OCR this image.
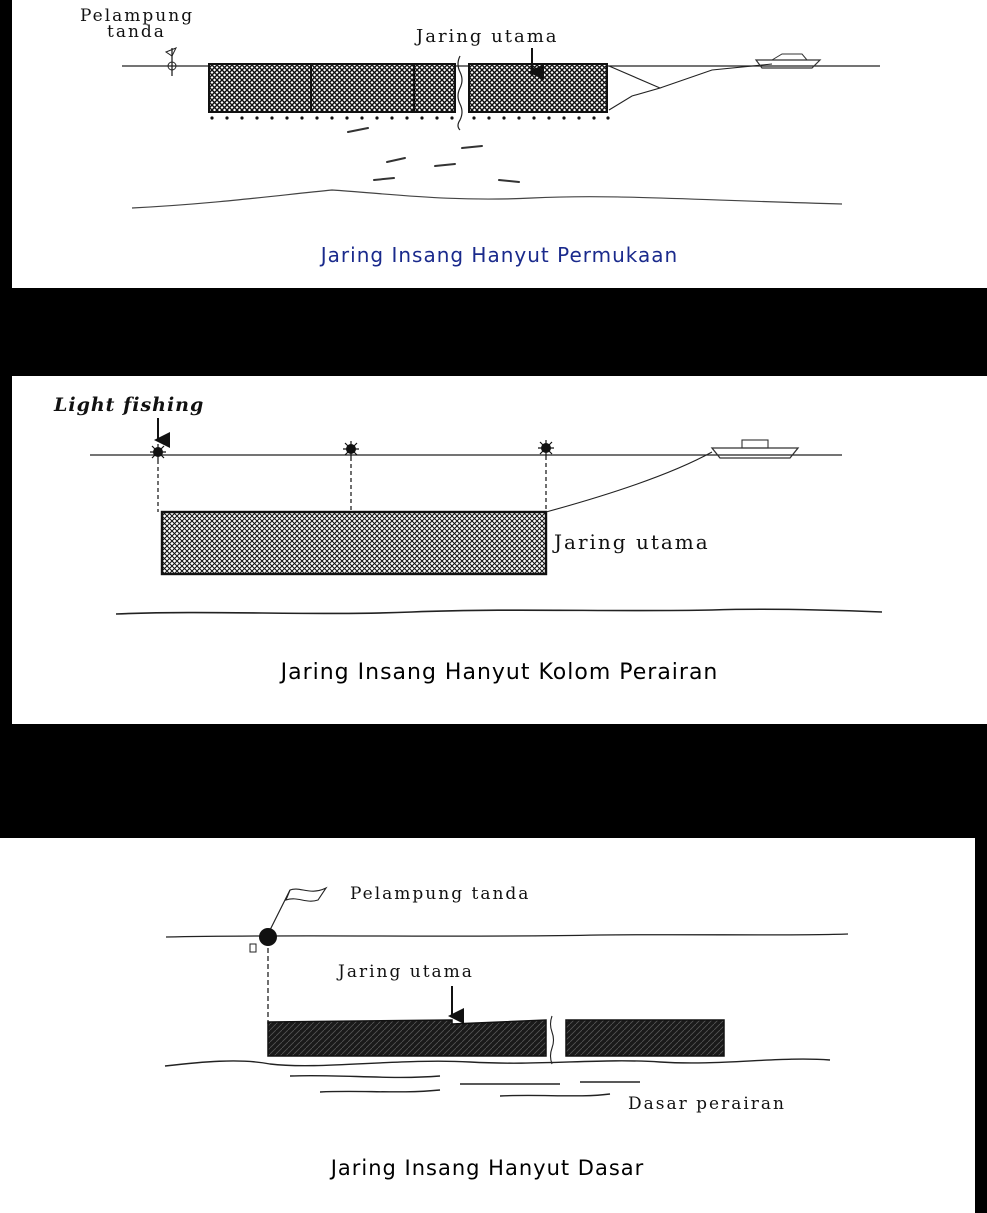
Pelampung
tanda	Jaring utama
Jaring Insang Hanyut Permukaan
Light fishing
Jaring utama
Jaring Insang Hanyut Kolom Perairan
Pelampung tanda
Jaring utama
Dasar perairan
Jaring Insang Hanyut Dasar
